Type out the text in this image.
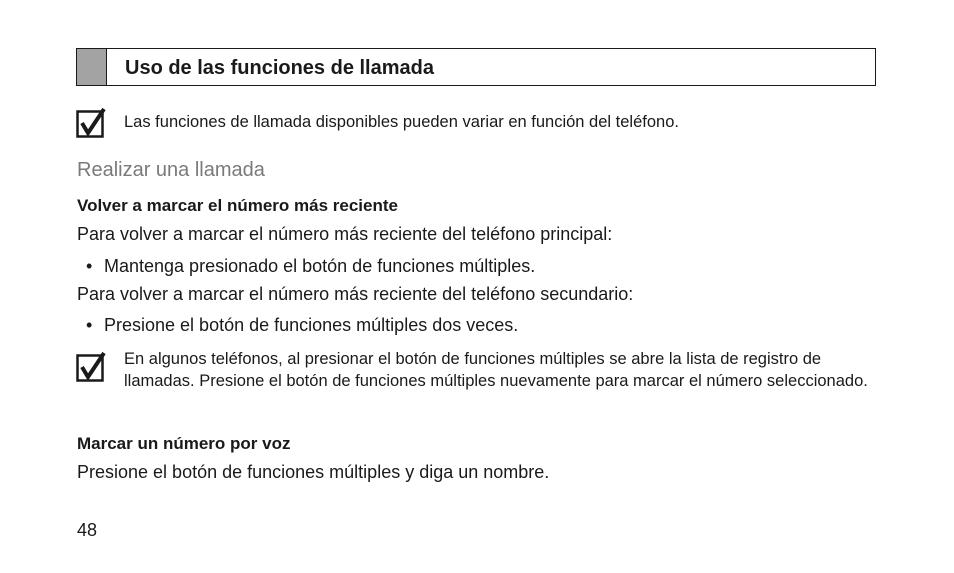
Uso de las funciones de llamada
Las funciones de llamada disponibles pueden variar en función del teléfono.
Realizar una llamada
Volver a marcar el número más reciente
Para volver a marcar el número más reciente del teléfono principal:
• Mantenga presionado el botón de funciones múltiples.
Para volver a marcar el número más reciente del teléfono secundario:
• Presione el botón de funciones múltiples dos veces.
En algunos teléfonos, al presionar el botón de funciones múltiples se abre la lista de registro de llamadas. Presione el botón de funciones múltiples nuevamente para marcar el número seleccionado.
Marcar un número por voz
Presione el botón de funciones múltiples y diga un nombre.
48
